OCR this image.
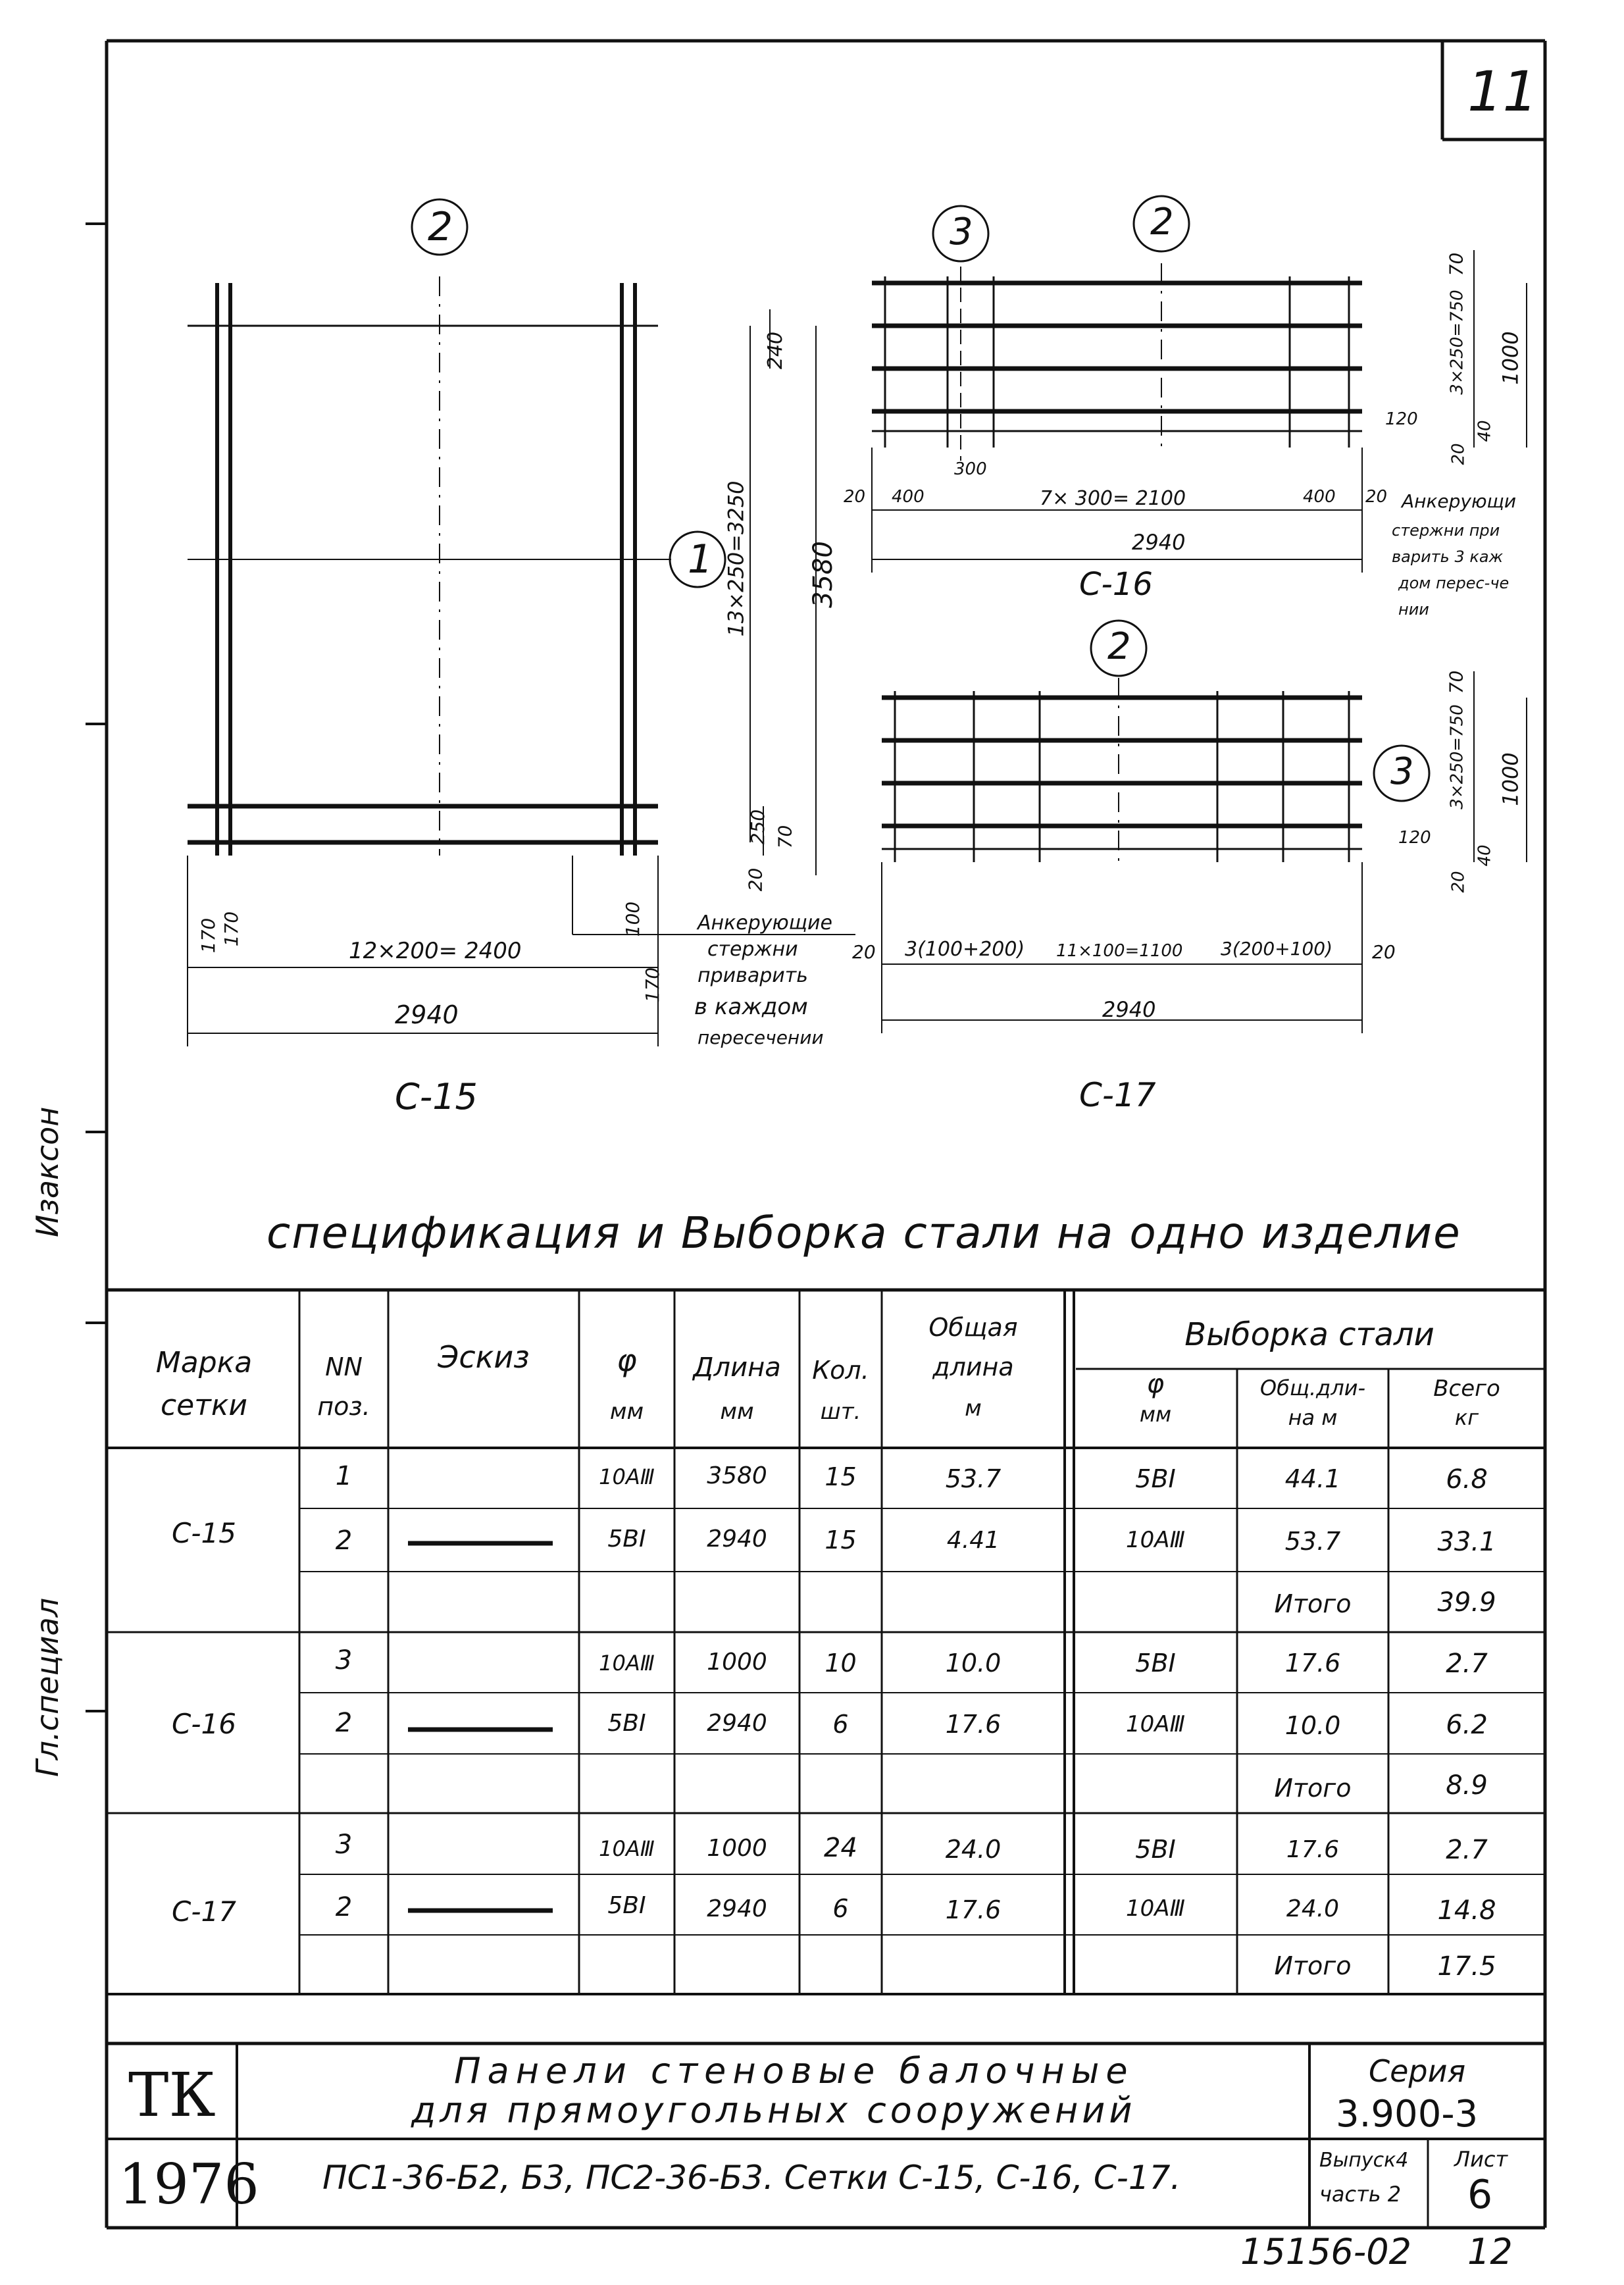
11
Изаксон
Гл.специал
2
1
240
13×250=3250 3580
250 70
20
170 170	100
12×200= 2400
170
2940
Анкерующие
стержни
приварить
в каждом
пересечении
С-15
3	2
70
3×250=750 1000
120
20
40
300
20 400	7× 300= 2100	400 20
2940
С-16
Анкерующи
стержни при
варить 3 каж
дом перес-че
нии
2
3
70
3×250=750 1000
120
20
40
20 3(100+200) 11×100=1100 3(200+100) 20
2940
С-17
спецификация и Выборка стали на одно изделие
Марка
сетки
NN
поз.
Эскиз	φ
мм
Длина
мм
Кол.
шт.
Общая
длина
м
Выборка стали
φ
мм
Общ.дли-
на м
Всего
кг
С-15
1	10АⅢ	3580	15	53.7	5ВI	44.1	6.8
2	5ВI	2940	15	4.41	10АⅢ	53.7	33.1
Итого	39.9
С-16
3	10АⅢ	1000	10	10.0	5ВI	17.6	2.7
2	5ВI	2940	6	17.6	10АⅢ	10.0	6.2
Итого	8.9
С-17
3	10АⅢ	1000	24	24.0	5ВI	17.6	2.7
2	5ВI	2940	6	17.6	10АⅢ	24.0	14.8
Итого	17.5
ТК
1976
Панели стеновые балочные
для прямоугольных сооружений
Серия
3.900-3
ПС1-36-Б2, Б3, ПС2-36-Б3. Сетки С-15, С-16, С-17.	Выпуск4
часть 2
Лист
6
15156-02 12
